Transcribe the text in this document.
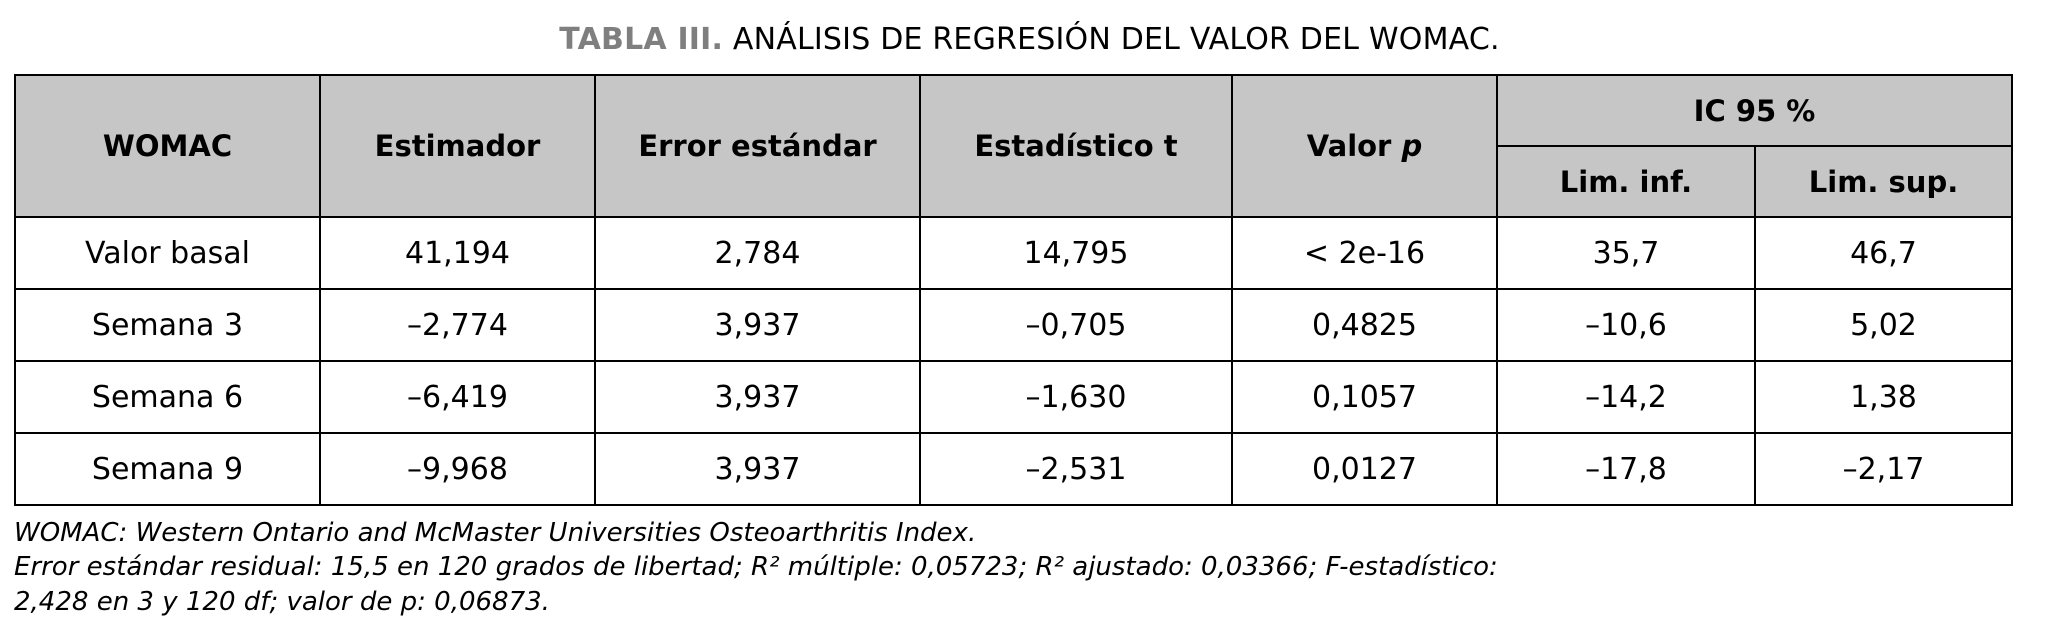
TABLA III. ANÁLISIS DE REGRESIÓN DEL VALOR DEL WOMAC.
WOMAC	Estimador	Error estándar	Estadístico t	Valor p	IC 95 %	
					Lim. inf.	Lim. sup.
Valor basal	41,194	2,784	14,795	< 2e-16	35,7	46,7
Semana 3	–2,774	3,937	–0,705	0,4825	–10,6	5,02
Semana 6	–6,419	3,937	–1,630	0,1057	–14,2	1,38
Semana 9	–9,968	3,937	–2,531	0,0127	–17,8	–2,17
WOMAC: Western Ontario and McMaster Universities Osteoarthritis Index.
Error estándar residual: 15,5 en 120 grados de libertad; R² múltiple: 0,05723; R² ajustado: 0,03366; F-estadístico:
2,428 en 3 y 120 df; valor de p: 0,06873.
